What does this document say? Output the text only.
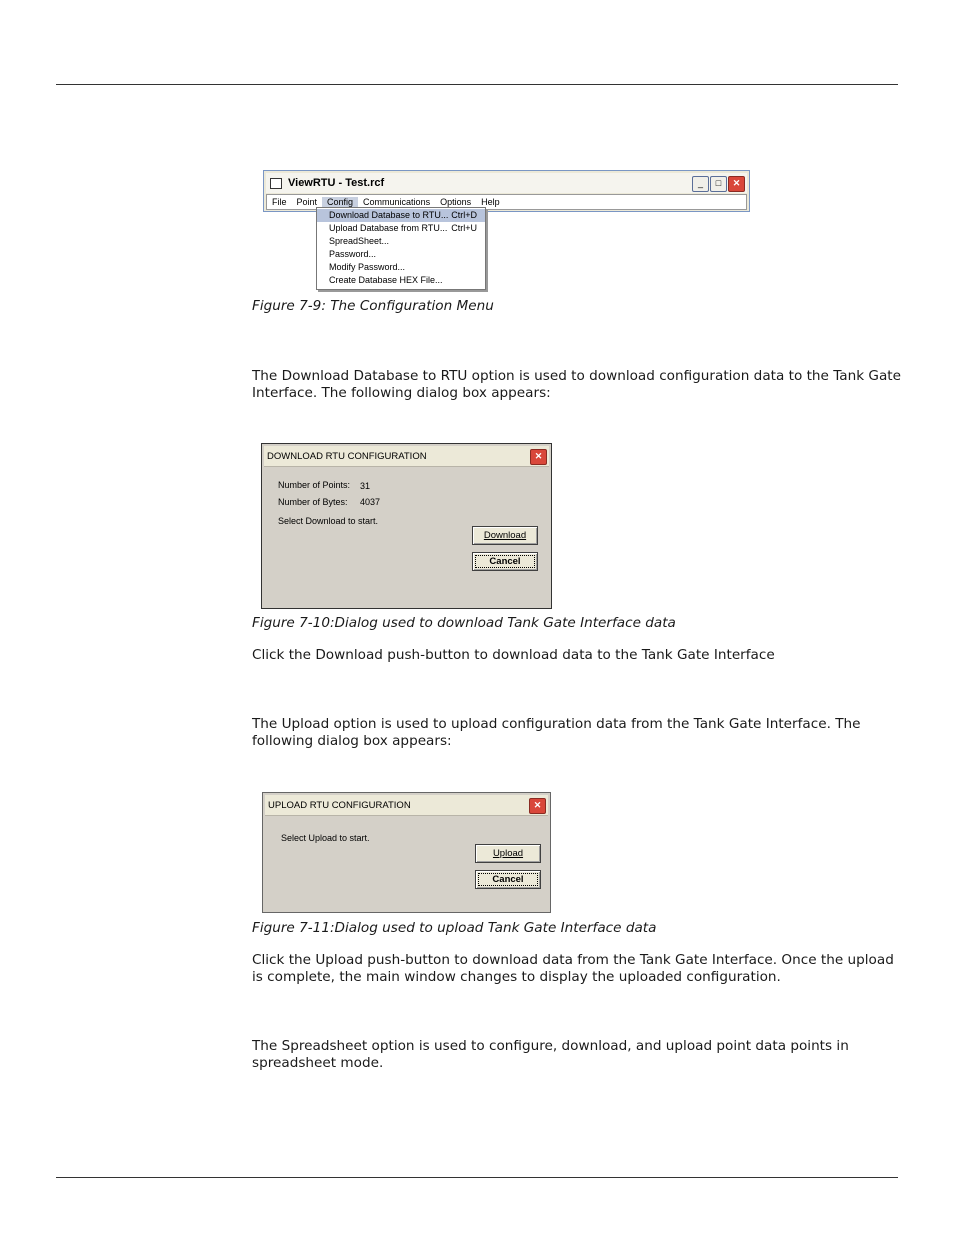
ViewRTU - Test.rcf	_	□	✕
File Point Config Communications Options Help
Download Database to RTU... Ctrl+D
Upload Database from RTU... Ctrl+U
SpreadSheet...
Password...
Modify Password...
Create Database HEX File...

Figure 7-9: The Configuration Menu

The Download Database to RTU option is used to download configuration data to the Tank Gate Interface. The following dialog box appears:

DOWNLOAD RTU CONFIGURATION	✕
Number of Points: 31
Number of Bytes: 4037
Select Download to start.
Download
Cancel

Figure 7-10:Dialog used to download Tank Gate Interface data

Click the Download push-button to download data to the Tank Gate Interface

The Upload option is used to upload configuration data from the Tank Gate Interface. The following dialog box appears:

UPLOAD RTU CONFIGURATION	✕
Select Upload to start.
Upload
Cancel

Figure 7-11:Dialog used to upload Tank Gate Interface data

Click the Upload push-button to download data from the Tank Gate Interface. Once the upload is complete, the main window changes to display the uploaded configuration.

The Spreadsheet option is used to configure, download, and upload point data points in spreadsheet mode.
